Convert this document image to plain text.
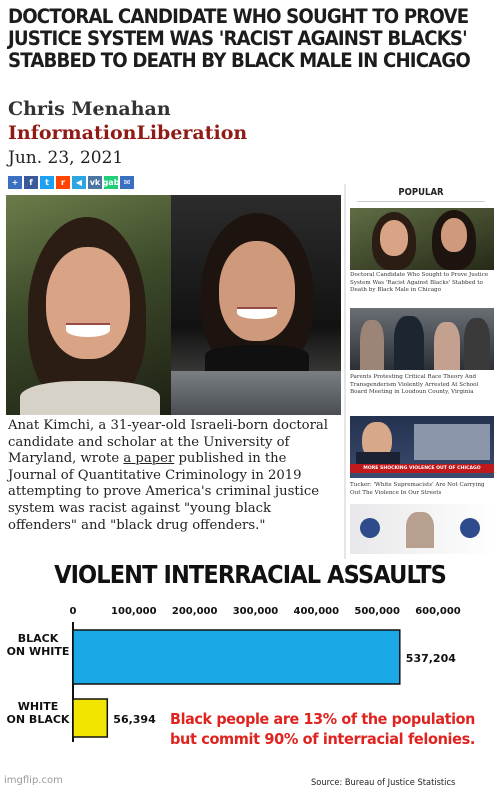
DOCTORAL CANDIDATE WHO SOUGHT TO PROVE
JUSTICE SYSTEM WAS 'RACIST AGAINST BLACKS'
STABBED TO DEATH BY BLACK MALE IN CHICAGO
Chris Menahan
InformationLiberation
Jun. 23, 2021
+	f	t	r	◀ vk gab ✉
Anat Kimchi, a 31-year-old Israeli-born doctoral candidate and scholar at the University of Maryland, wrote a paper published in the Journal of Quantitative Criminology in 2019 attempting to prove America's criminal justice system was racist against "young black offenders" and "black drug offenders."
POPULAR
Doctoral Candidate Who Sought to Prove Justice System Was 'Racist Against Blacks' Stabbed to Death by Black Male in Chicago
Parents Protesting Critical Race Theory And Transgenderism Violently Arrested At School Board Meeting in Loudoun County, Virginia
MORE SHOCKING VIOLENCE OUT OF CHICAGO
Tucker: 'White Supremacists' Are Not Carrying Out The Violence In Our Streets
VIOLENT INTERRACIAL ASSAULTS
0	100,000 200,000 300,000 400,000 500,000 600,000
BLACK
ON WHITE
537,204
WHITE
ON BLACK	56,394 Black people are 13% of the population
but commit 90% of interracial felonies.
imgflip.com	Source: Bureau of Justice Statistics
